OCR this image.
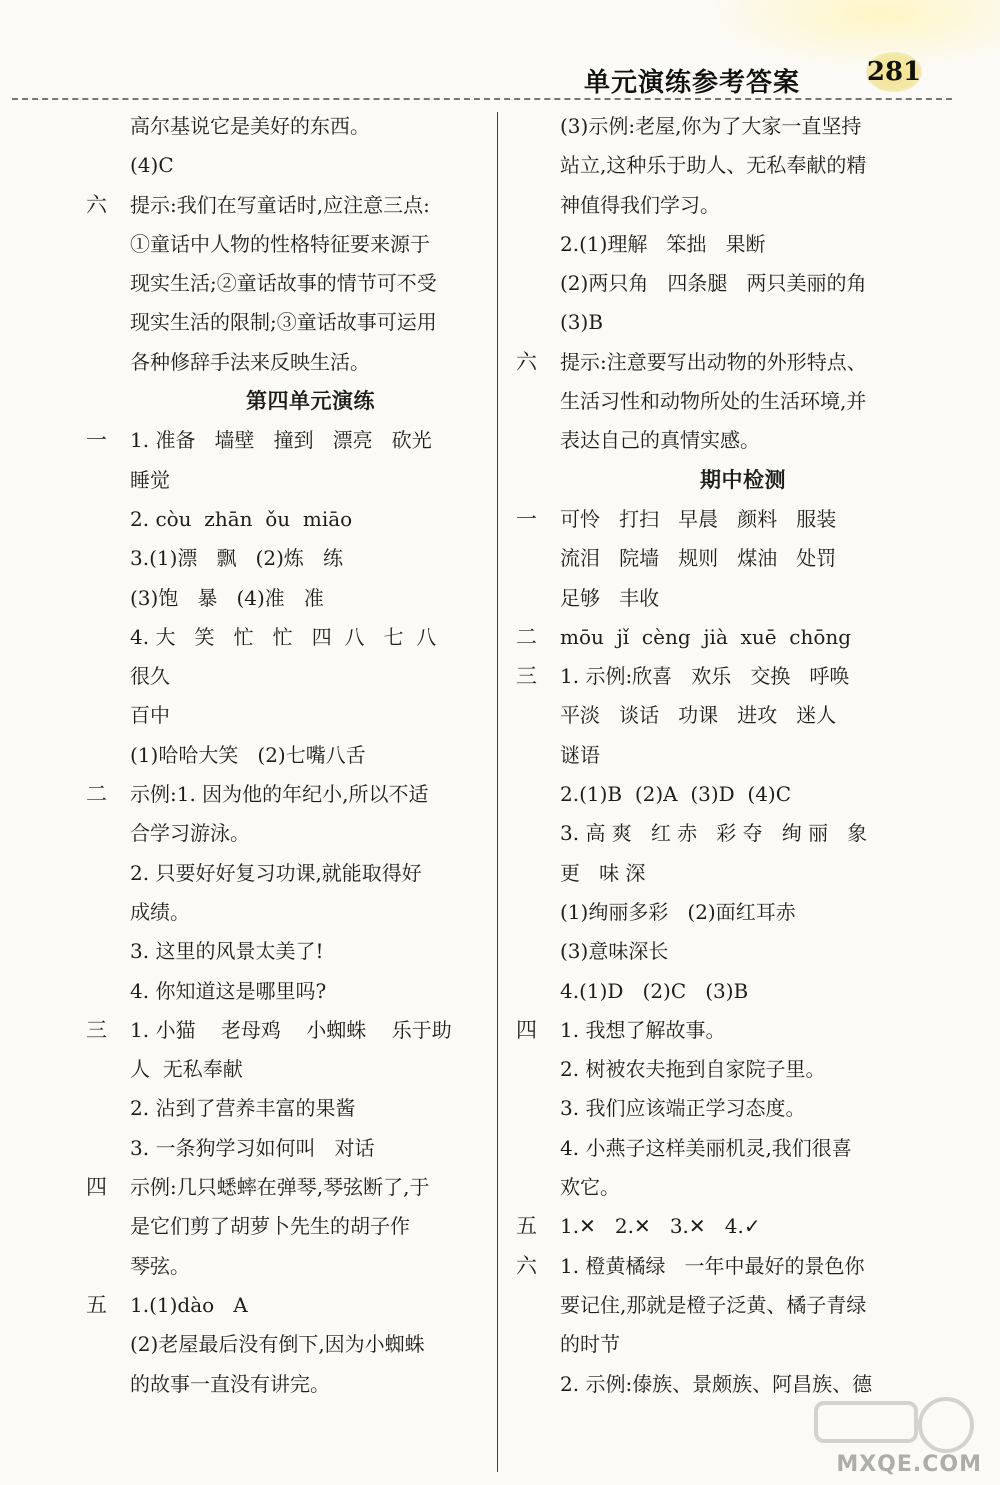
单元演练参考答案	281
高尔基说它是美好的东西。
(4)C
六	提示:我们在写童话时,应注意三点:
①童话中人物的性格特征要来源于
现实生活;②童话故事的情节可不受
现实生活的限制;③童话故事可运用
各种修辞手法来反映生活。
第四单元演练
一	1. 准备   墙壁   撞到   漂亮   砍光
睡觉
2. còu  zhān  ǒu  miāo
3.(1)漂   飘   (2)炼   练
(3)饱   暴   (4)准   准
4. 大   笑   忙   忙   四  八   七  八
很久
百中
(1)哈哈大笑   (2)七嘴八舌
二	示例:1. 因为他的年纪小,所以不适
合学习游泳。
2. 只要好好复习功课,就能取得好
成绩。
3. 这里的风景太美了!
4. 你知道这是哪里吗?
三	1. 小猫    老母鸡    小蜘蛛    乐于助
人  无私奉献
2. 沾到了营养丰富的果酱
3. 一条狗学习如何叫   对话
四	示例:几只蟋蟀在弹琴,琴弦断了,于
是它们剪了胡萝卜先生的胡子作
琴弦。
五	1.(1)dào   A
(2)老屋最后没有倒下,因为小蜘蛛
的故事一直没有讲完。
(3)示例:老屋,你为了大家一直坚持
站立,这种乐于助人、无私奉献的精
神值得我们学习。
2.(1)理解   笨拙   果断
(2)两只角   四条腿   两只美丽的角
(3)B
六	提示:注意要写出动物的外形特点、
生活习性和动物所处的生活环境,并
表达自己的真情实感。
期中检测
一	可怜   打扫   早晨   颜料   服装
流泪   院墙   规则   煤油   处罚
足够   丰收
二	mōu  jǐ  cèng  jià  xuē  chōng
三	1. 示例:欣喜   欢乐   交换   呼唤
平淡   谈话   功课   进攻   迷人
谜语
2.(1)B  (2)A  (3)D  (4)C
3. 高 爽   红 赤   彩 夺   绚 丽   象
更   味 深
(1)绚丽多彩   (2)面红耳赤
(3)意味深长
4.(1)D   (2)C   (3)B
四	1. 我想了解故事。
2. 树被农夫拖到自家院子里。
3. 我们应该端正学习态度。
4. 小燕子这样美丽机灵,我们很喜
欢它。
五	1.✕   2.✕   3.✕   4.✓
六	1. 橙黄橘绿   一年中最好的景色你
要记住,那就是橙子泛黄、橘子青绿
的时节
2. 示例:傣族、景颇族、阿昌族、德
MXQE.COM
